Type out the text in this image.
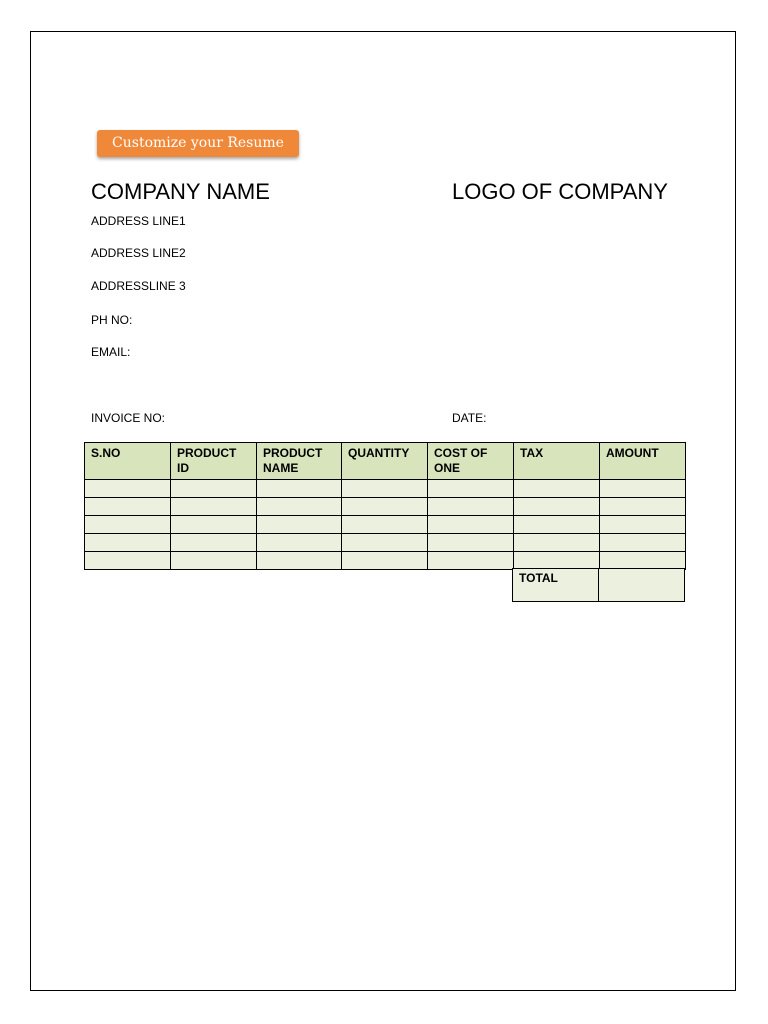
Customize your Resume
COMPANY NAME	LOGO OF COMPANY
ADDRESS LINE1
ADDRESS LINE2
ADDRESSLINE 3
PH NO:
EMAIL:
INVOICE NO:	DATE:
S.NO	PRODUCT ID	PRODUCT NAME	QUANTITY	COST OF ONE	TAX	AMOUNT

TOTAL	
